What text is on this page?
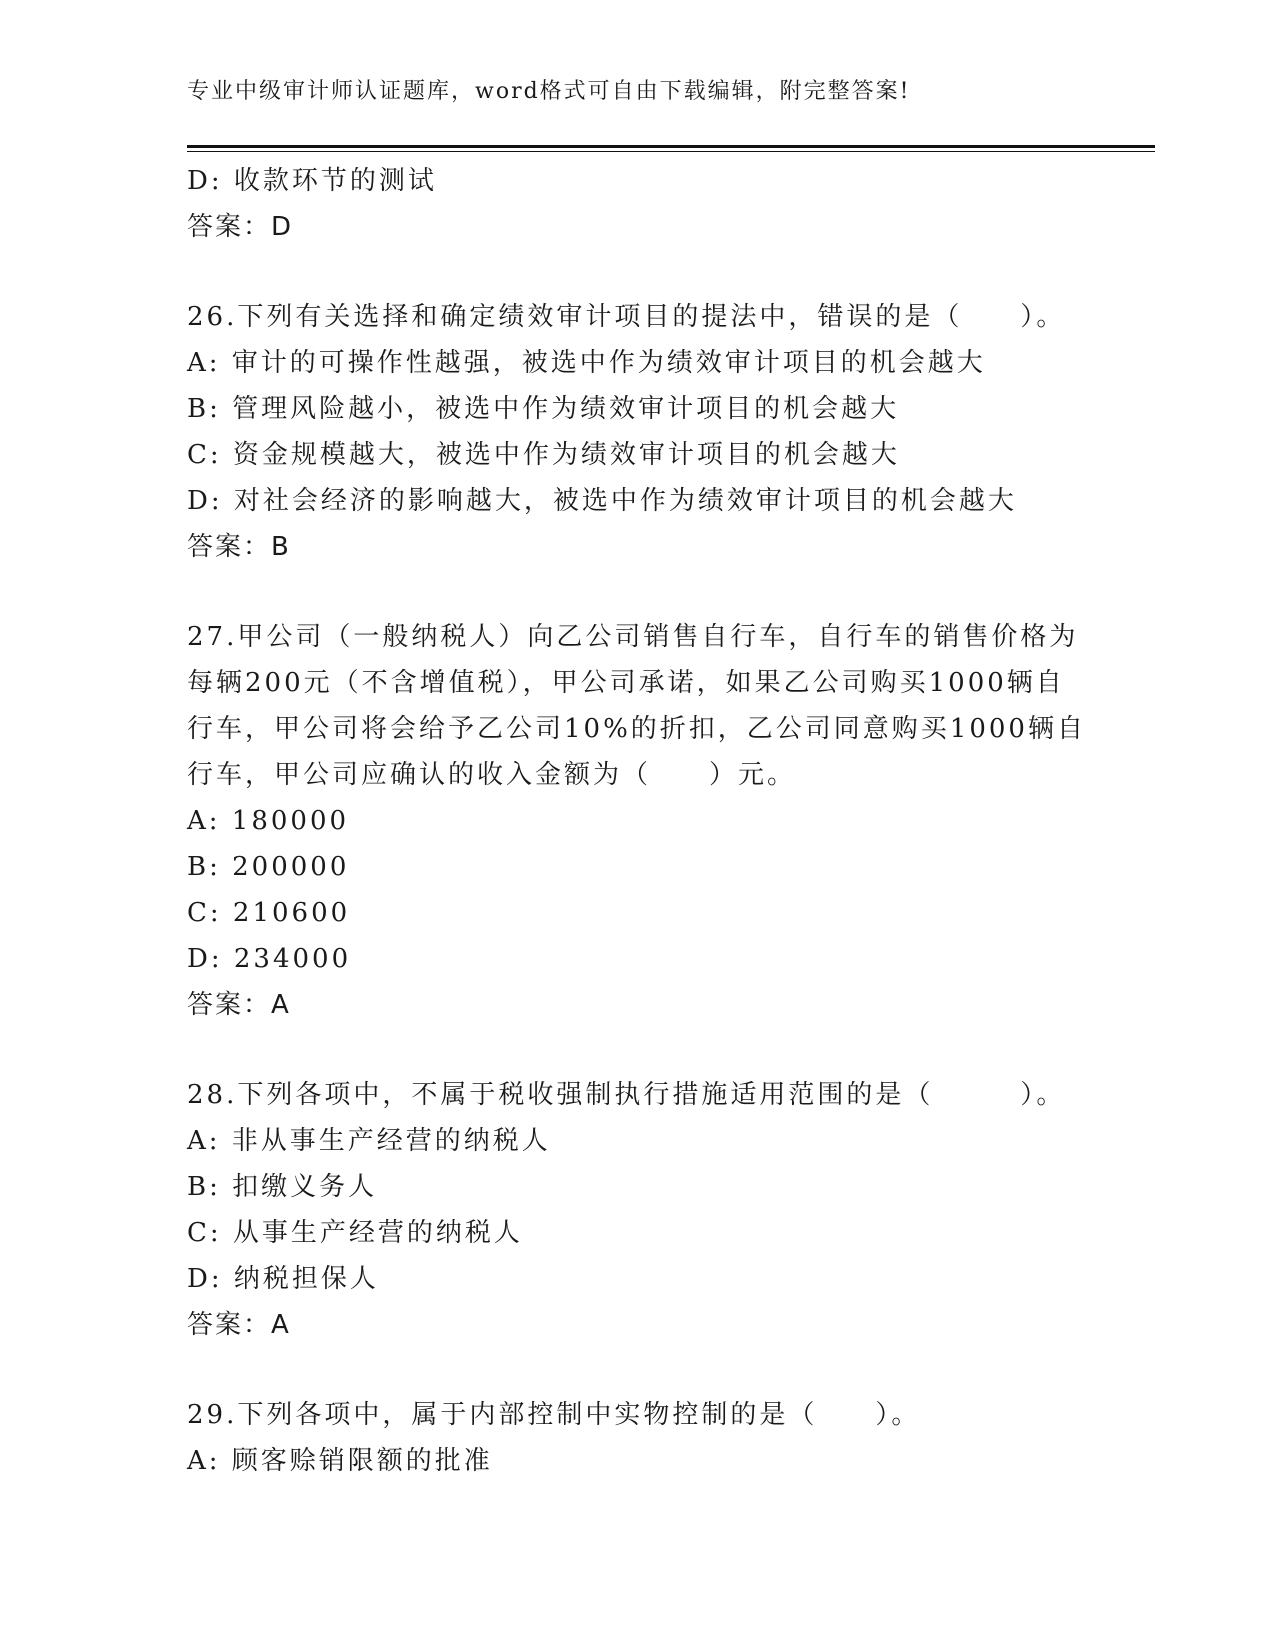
专业中级审计师认证题库，word格式可自由下载编辑，附完整答案!
D: 收款环节的测试
答案：D
26.下列有关选择和确定绩效审计项目的提法中，错误的是（　　）。
A: 审计的可操作性越强，被选中作为绩效审计项目的机会越大
B: 管理风险越小，被选中作为绩效审计项目的机会越大
C: 资金规模越大，被选中作为绩效审计项目的机会越大
D: 对社会经济的影响越大，被选中作为绩效审计项目的机会越大
答案：B
27.甲公司（一般纳税人）向乙公司销售自行车，自行车的销售价格为
每辆200元（不含增值税），甲公司承诺，如果乙公司购买1000辆自
行车，甲公司将会给予乙公司10%的折扣，乙公司同意购买1000辆自
行车，甲公司应确认的收入金额为（　　）元。
A: 180000
B: 200000
C: 210600
D: 234000
答案：A
28.下列各项中，不属于税收强制执行措施适用范围的是（　　　）。
A: 非从事生产经营的纳税人
B: 扣缴义务人
C: 从事生产经营的纳税人
D: 纳税担保人
答案：A
29.下列各项中，属于内部控制中实物控制的是（　　）。
A: 顾客赊销限额的批准
